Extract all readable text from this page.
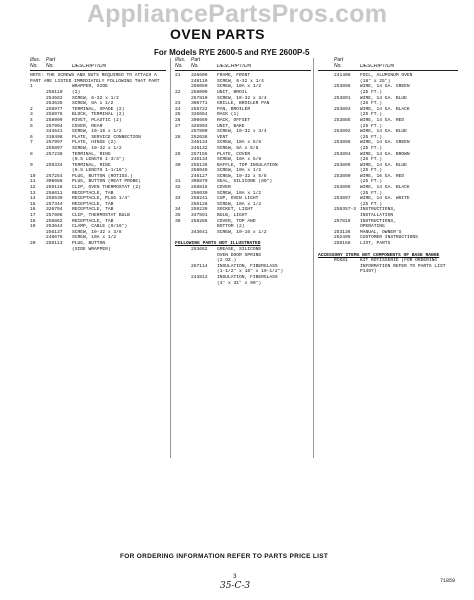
AppliancePartsPros.com
OVEN PARTS
For Models RYE 2600-5 and RYE 2600P-5
Illus.	Part
No.	No.	DESCRIPTION
NOTE: THE SCREWS AND NUTS REQUIRED TO ATTACH A PART ARE LISTED IMMEDIATELY FOLLOWING THAT PART
1	WRAPPER, SIDE
258110	(2)
254582	SCREW, 6-32 x 1/2
253635	SCREW, 8A x 1/2
2	258977	TERMINAL, SPADE (2)
3	258976	BLOCK, TERMINAL (2)
4	258999	RIVET, PLASTIC (2)
5	257994	COVER, REAR
343641	SCREW, 10-16 x 1/2
6	310498	PLATE, SERVICE CONNECTION
7	257997	PLATE, HINGE (2)
255897	SCREW, 10-32 x 1/2
8	257238	TERMINAL, RING
(0.5 LENGTH 1-3/4")
9	259334	TERMINAL, RING
(0.5 LENGTH 1-1/16")
10	257254	PLUG, BUTTON (ROTISS.)
11	306688	PLUG, BUTTON (MEAT PROBE)
12	259118	CLIP, OVEN THERMOSTAT (2)
13	258611	RECEPTACLE, TAB
14	258539	RECEPTACLE, PLUG 1/4"
15	257344	RECEPTACLE, TAB
16	326794	RECEPTACLE, TAB
17	257806	CLIP, THERMOSTAT BULB
18	258862	RECEPTACLE, TAB
19	253644	CLAMP, CABLE (9/16")
256137	SCREW, 10-32 x 3/8
248676	SCREW, 10A x 1/2
20	258113	PLUG, BUTTON
(SIDE WRAPPER)
Illus.	Part
No.	No.	DESCRIPTION
21	326609	FRAME, FRONT
248119	SCREW, 6-32 x 1/4
256050	SCREW, 10A x 1/2
22	258000	UNIT, BROIL
257810	SCREW, 10-32 x 3/4
23	308771	GRILLE, BROILER PAN
24	258722	PAN, BROILER
25	326664	RACK (1)
26	306669	RACK, OFFSET
27	326993	UNIT, BAKE
257800	SCREW, 10-32 x 3/4
28	252038	VENT
246134	SCREW, 10A x 5/8
246132	SCREW, 8A x 5/8
29	257155	PLATE, COVER
246134	SCREW, 10A x 5/8
30	255135	BAFFLE, TOP INSULATION
256049	SCREW, 10A x 1/2
246127	SCREW, 10-32 x 5/8
31	306879	SEAL, SILICONE (80")
32	258816	COVER
256030	SCREW, 10A x 1/2
33	258241	CUP, OVEN LIGHT
256128	SCREW, 10A x 1/2
34	259239	SOCKET, LIGHT
35	347591	BULB, LIGHT
36	258286	COVER, TOP AND
BOTTOM (2)
343641	SCREW, 10-16 x 1/2
FOLLOWING PARTS NOT ILLUSTRATED
253652	GREASE, SILICONE
OVEN DOOR SPRING
(2 OZ.)
267114	INSULATION, FIBERGLASS
(1-1/2" x 18" x 19-1/2")
243813	INSULATION, FIBERGLASS
(3" x 31" x 90")
Part
No.	DESCRIPTION
241408	FOIL, ALUMINUM OVEN
(18" x 25")
253895	WIRE, 14 GA. GREEN
(25 FT.)
253891	WIRE, 14 GA. BLUE
(25 FT.)
253893	WIRE, 14 GA. BLACK
(25 FT.)
253885	WIRE, 14 GA. RED
(25 FT.)
253892	WIRE, 14 GA. BLUE
(25 FT.)
253896	WIRE, 14 GA. GREEN
(25 FT.)
253894	WIRE, 14 GA. BROWN
(25 FT.)
253899	WIRE, 14 GA. BLUE
(25 FT.)
253890	WIRE, 16 GA. RED
(25 FT.)
253896	WIRE, 14 GA. BLACK
(25 FT.)
253897	WIRE, 14 GA. WHITE
(25 FT.)
259357-3 INSTRUCTIONS,
INSTALLATION
257810	INSTRUCTIONS,
OPERATING
253136	MANUAL, OWNER'S
262495	CUSTOMER INSTRUCTIONS
258158	LIST, PARTS
ACCESSORY ITEMS NOT COMPONENTS OF BASE RANGE
RCK81	KIT ROTISSERIE (FOR ORDERING INFORMATION REFER TO PARTS LIST P1497)
FOR ORDERING INFORMATION REFER TO PARTS PRICE LIST
3
35-C-3	71859
